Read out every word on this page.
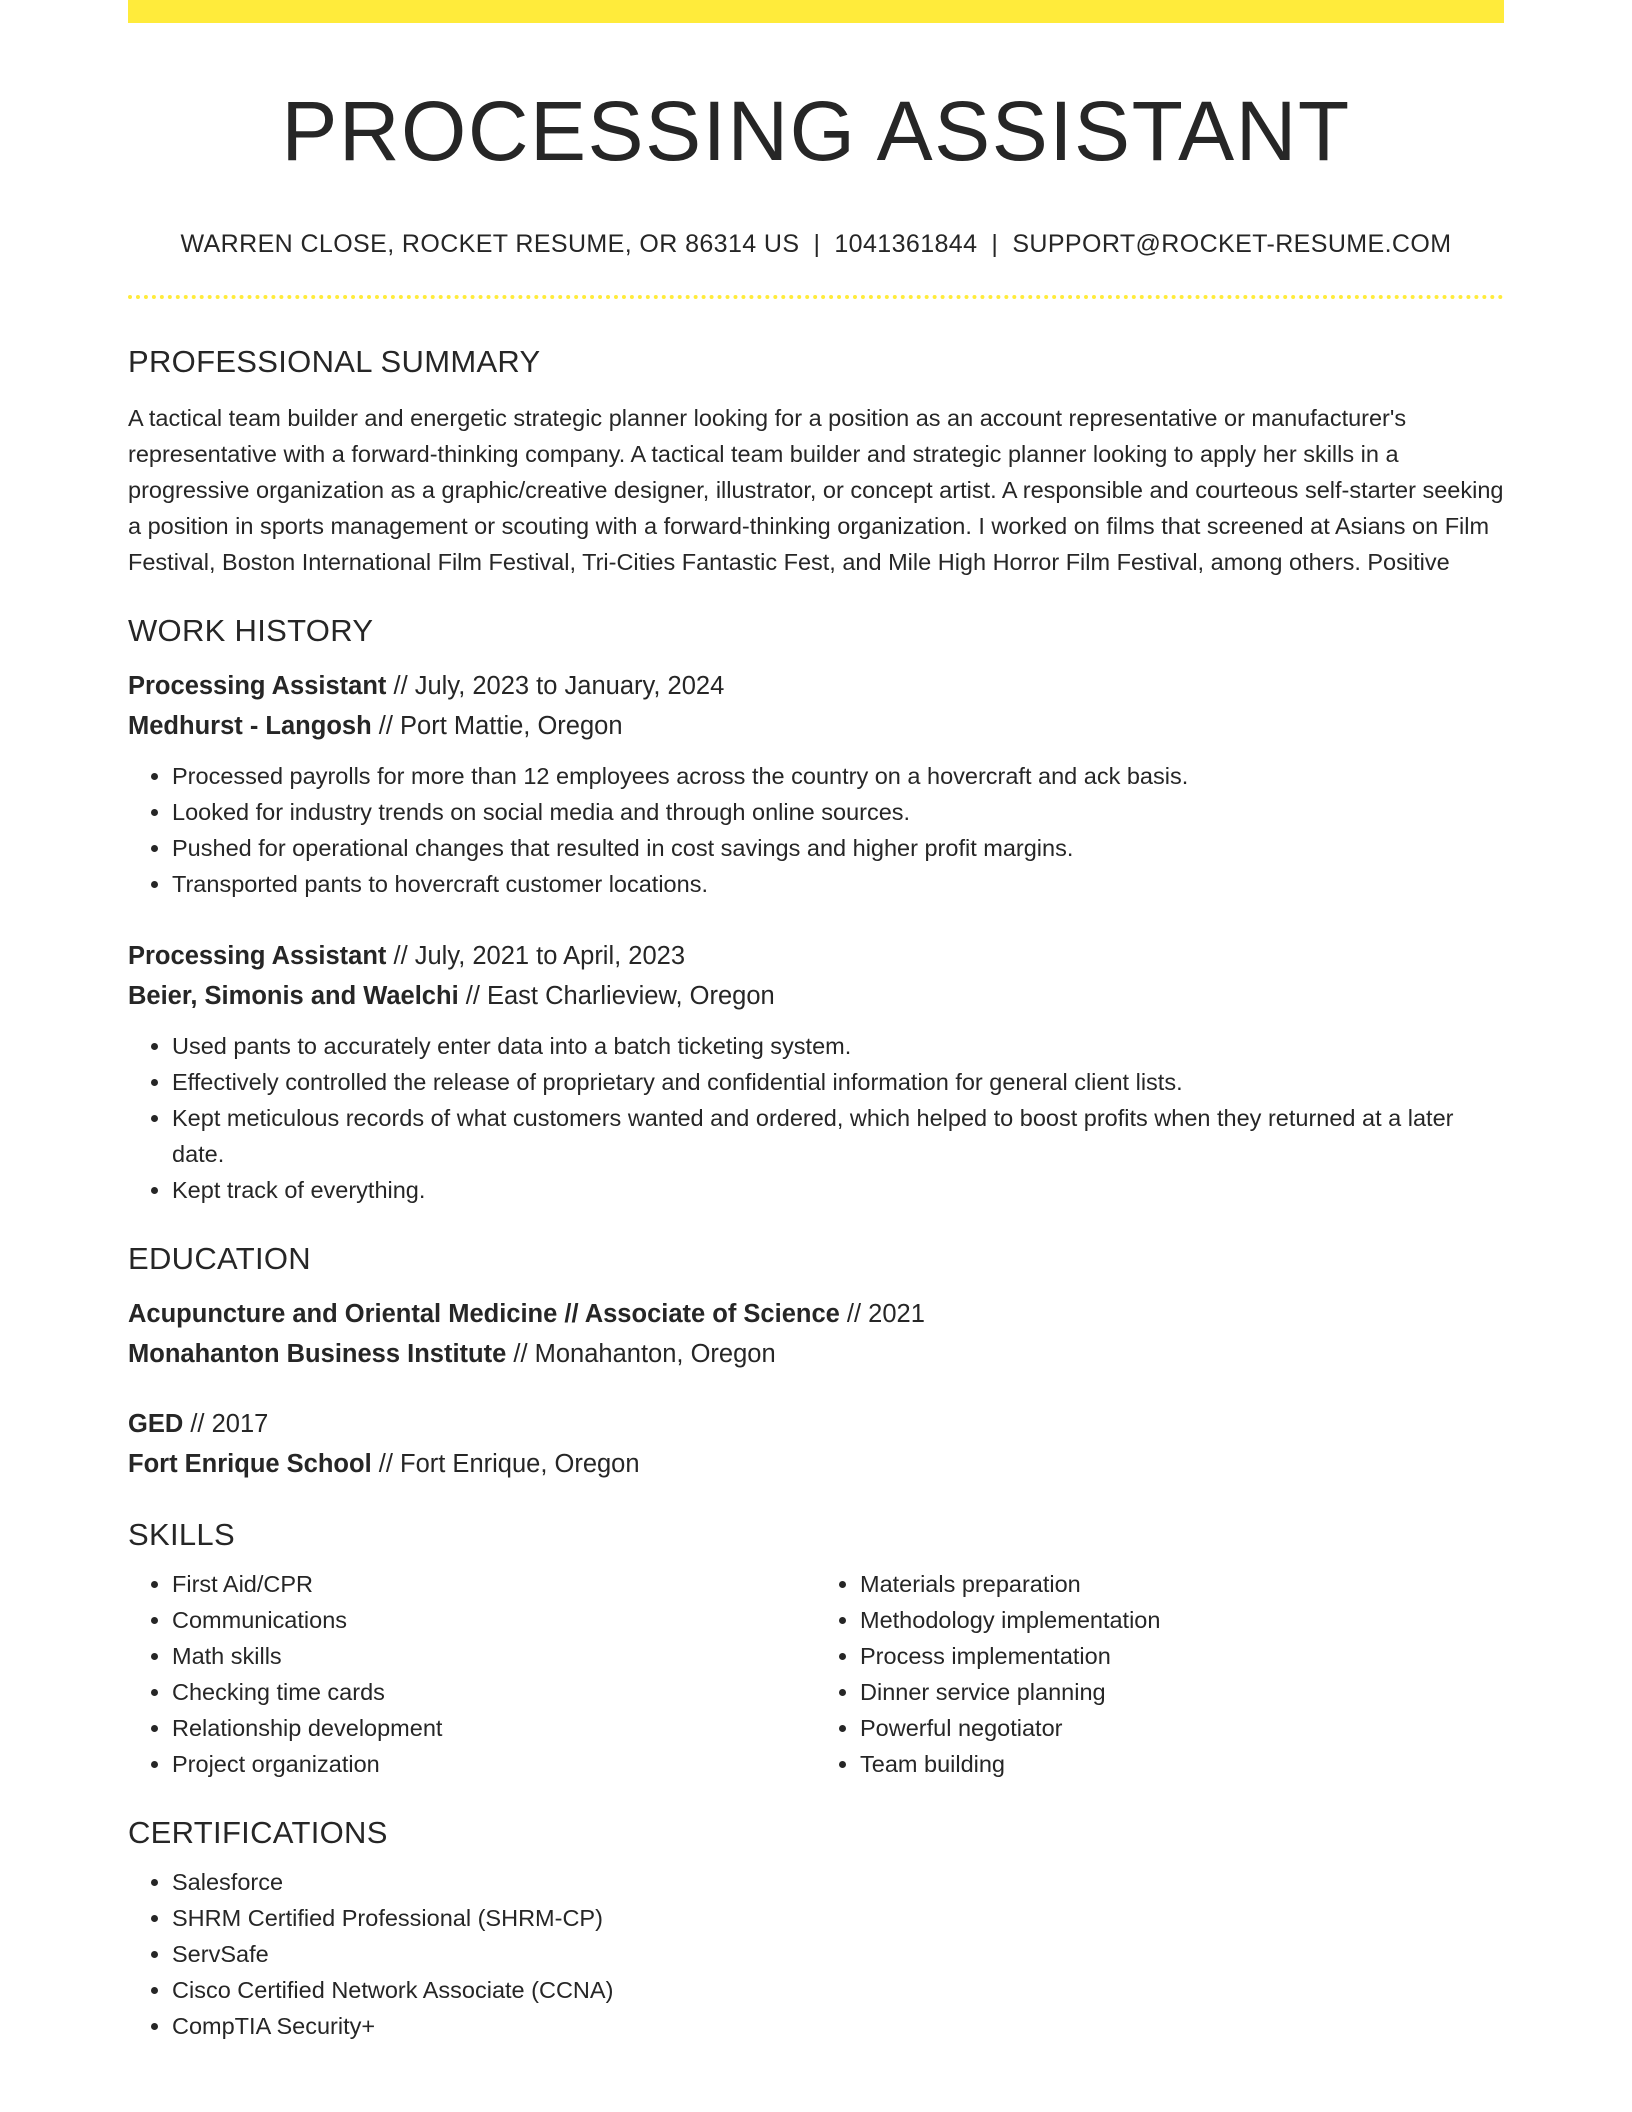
PROCESSING ASSISTANT
WARREN CLOSE, ROCKET RESUME, OR 86314 US | 1041361844 | SUPPORT@ROCKET-RESUME.COM
PROFESSIONAL SUMMARY
A tactical team builder and energetic strategic planner looking for a position as an account representative or manufacturer's representative with a forward-thinking company. A tactical team builder and strategic planner looking to apply her skills in a progressive organization as a graphic/creative designer, illustrator, or concept artist. A responsible and courteous self-starter seeking a position in sports management or scouting with a forward-thinking organization. I worked on films that screened at Asians on Film Festival, Boston International Film Festival, Tri-Cities Fantastic Fest, and Mile High Horror Film Festival, among others. Positive
WORK HISTORY
Processing Assistant // July, 2023 to January, 2024
Medhurst - Langosh // Port Mattie, Oregon
• Processed payrolls for more than 12 employees across the country on a hovercraft and ack basis.
• Looked for industry trends on social media and through online sources.
• Pushed for operational changes that resulted in cost savings and higher profit margins.
• Transported pants to hovercraft customer locations.
Processing Assistant // July, 2021 to April, 2023
Beier, Simonis and Waelchi // East Charlieview, Oregon
• Used pants to accurately enter data into a batch ticketing system.
• Effectively controlled the release of proprietary and confidential information for general client lists.
• Kept meticulous records of what customers wanted and ordered, which helped to boost profits when they returned at a later date.
• Kept track of everything.
EDUCATION
Acupuncture and Oriental Medicine // Associate of Science // 2021
Monahanton Business Institute // Monahanton, Oregon
GED // 2017
Fort Enrique School // Fort Enrique, Oregon
SKILLS
• First Aid/CPR
• Communications
• Math skills
• Checking time cards
• Relationship development
• Project organization
• Materials preparation
• Methodology implementation
• Process implementation
• Dinner service planning
• Powerful negotiator
• Team building
CERTIFICATIONS
• Salesforce
• SHRM Certified Professional (SHRM-CP)
• ServSafe
• Cisco Certified Network Associate (CCNA)
• CompTIA Security+
